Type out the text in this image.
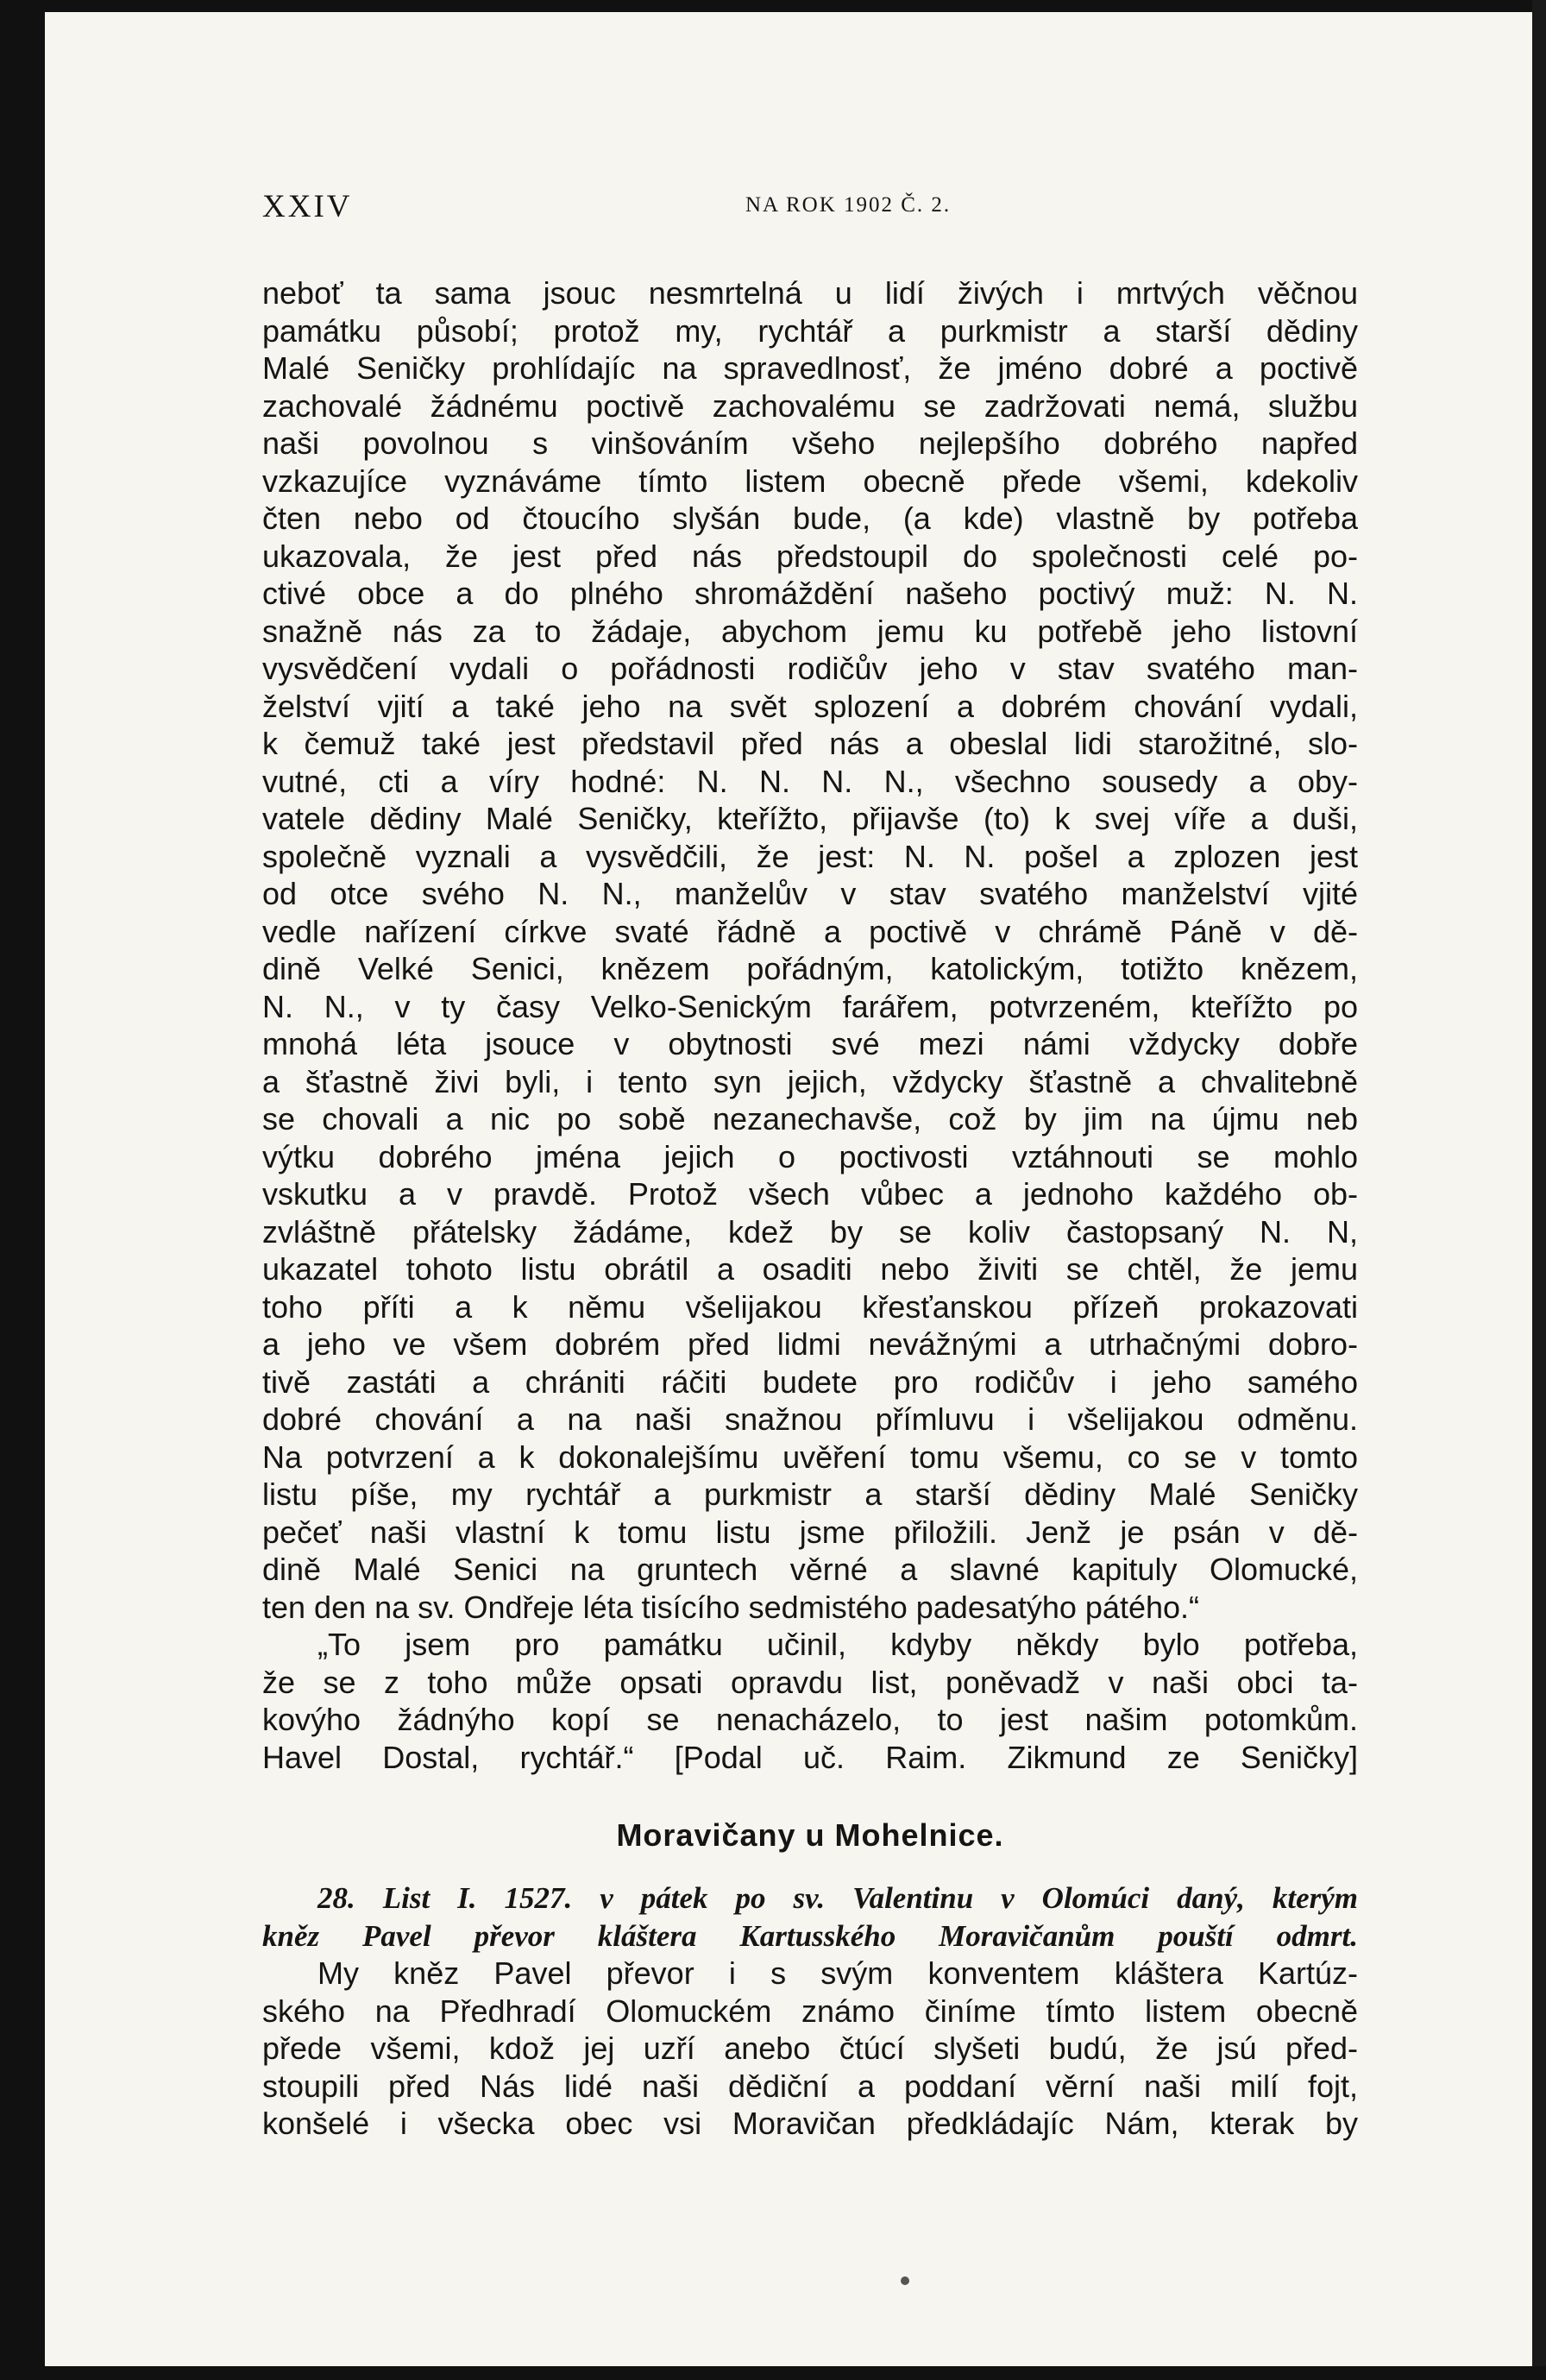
XXIV	NA ROK 1902 Č. 2.
neboť ta sama jsouc nesmrtelná u lidí živých i mrtvých věčnou
památku působí; protož my, rychtář a purkmistr a starší dědiny
Malé Seničky prohlídajíc na spravedlnosť, že jméno dobré a poctivě
zachovalé žádnému poctivě zachovalému se zadržovati nemá, službu
naši povolnou s vinšováním všeho nejlepšího dobrého napřed
vzkazujíce vyznáváme tímto listem obecně přede všemi, kdekoliv
čten nebo od čtoucího slyšán bude, (a kde) vlastně by potřeba
ukazovala, že jest před nás předstoupil do společnosti celé po-
ctivé obce a do plného shromáždění našeho poctivý muž: N. N.
snažně nás za to žádaje, abychom jemu ku potřebě jeho listovní
vysvědčení vydali o pořádnosti rodičův jeho v stav svatého man-
želství vjití a také jeho na svět splození a dobrém chování vydali,
k čemuž také jest představil před nás a obeslal lidi starožitné, slo-
vutné, cti a víry hodné: N. N. N. N., všechno sousedy a oby-
vatele dědiny Malé Seničky, kteřížto, přijavše (to) k svej víře a duši,
společně vyznali a vysvědčili, že jest: N. N. pošel a zplozen jest
od otce svého N. N., manželův v stav svatého manželství vjité
vedle nařízení církve svaté řádně a poctivě v chrámě Páně v dě-
dině Velké Senici, knězem pořádným, katolickým, totižto knězem,
N. N., v ty časy Velko-Senickým farářem, potvrzeném, kteřížto po
mnohá léta jsouce v obytnosti své mezi námi vždycky dobře
a šťastně živi byli, i tento syn jejich, vždycky šťastně a chvalitebně
se chovali a nic po sobě nezanechavše, což by jim na újmu neb
výtku dobrého jména jejich o poctivosti vztáhnouti se mohlo
vskutku a v pravdě. Protož všech vůbec a jednoho každého ob-
zvláštně přátelsky žádáme, kdež by se koliv častopsaný N. N,
ukazatel tohoto listu obrátil a osaditi nebo živiti se chtěl, že jemu
toho příti a k němu všelijakou křesťanskou přízeň prokazovati
a jeho ve všem dobrém před lidmi nevážnými a utrhačnými dobro-
tivě zastáti a chrániti ráčiti budete pro rodičův i jeho samého
dobré chování a na naši snažnou přímluvu i všelijakou odměnu.
Na potvrzení a k dokonalejšímu uvěření tomu všemu, co se v tomto
listu píše, my rychtář a purkmistr a starší dědiny Malé Seničky
pečeť naši vlastní k tomu listu jsme přiložili. Jenž je psán v dě-
dině Malé Senici na gruntech věrné a slavné kapituly Olomucké,
ten den na sv. Ondřeje léta tisícího sedmistého padesatýho pátého.“
„To jsem pro památku učinil, kdyby někdy bylo potřeba,
že se z toho může opsati opravdu list, poněvadž v naši obci ta-
kovýho žádnýho kopí se nenacházelo, to jest našim potomkům.
Havel Dostal, rychtář.“ [Podal uč. Raim. Zikmund ze Seničky]
Moravičany u Mohelnice.
28. List I. 1527. v pátek po sv. Valentinu v Olomúci daný, kterým
kněz Pavel převor kláštera Kartusského Moravičanům pouští odmrt.
My kněz Pavel převor i s svým konventem kláštera Kartúz-
ského na Předhradí Olomuckém známo činíme tímto listem obecně
přede všemi, kdož jej uzří anebo čtúcí slyšeti budú, že jsú před-
stoupili před Nás lidé naši dědiční a poddaní věrní naši milí fojt,
konšelé i všecka obec vsi Moravičan předkládajíc Nám, kterak by
